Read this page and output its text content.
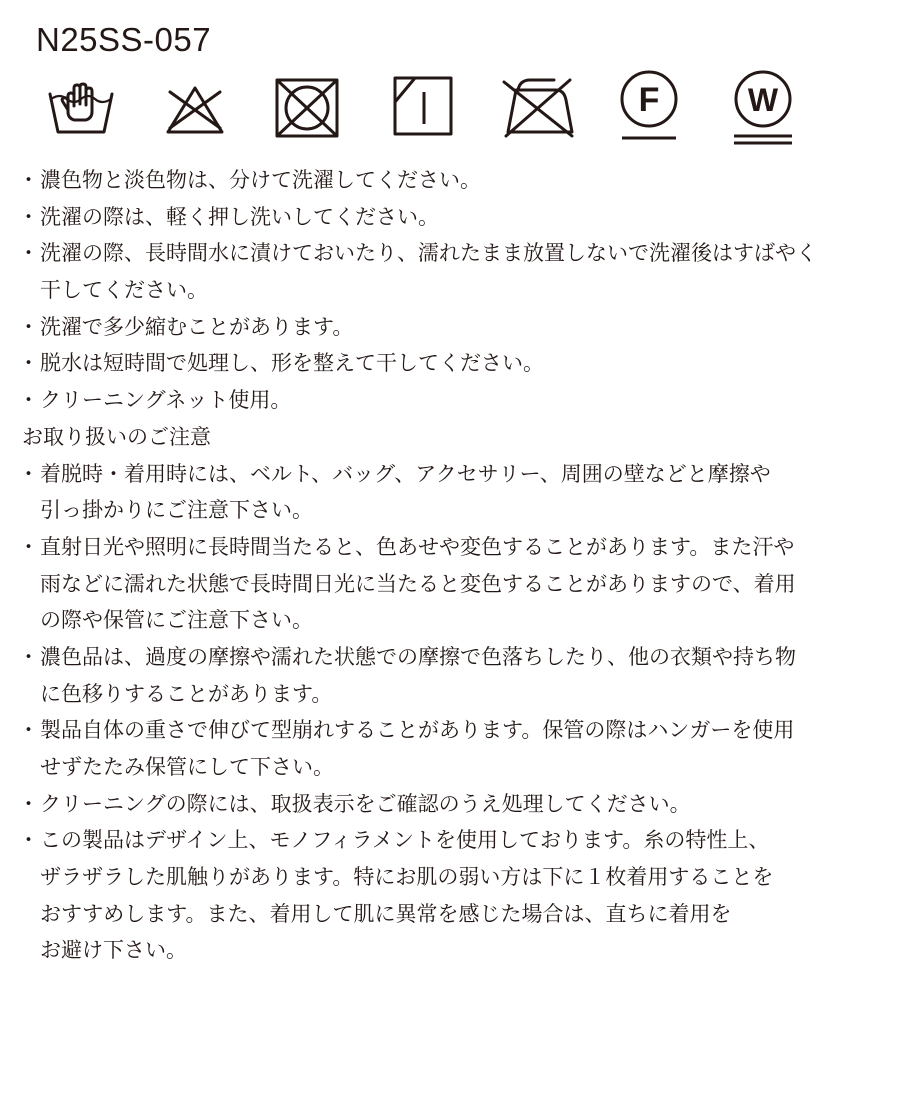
N25SS-057
F	W
・ 濃色物と淡色物は、分けて洗濯してください。
・ 洗濯の際は、軽く押し洗いしてください。
・ 洗濯の際、長時間水に漬けておいたり、濡れたまま放置しないで洗濯後はすばやく
干してください。
・ 洗濯で多少縮むことがあります。
・ 脱水は短時間で処理し、形を整えて干してください。
・ クリーニングネット使用。
お取り扱いのご注意
・ 着脱時・着用時には、ベルト、バッグ、アクセサリー、周囲の壁などと摩擦や
引っ掛かりにご注意下さい。
・ 直射日光や照明に長時間当たると、色あせや変色することがあります。また汗や
雨などに濡れた状態で長時間日光に当たると変色することがありますので、着用
の際や保管にご注意下さい。
・ 濃色品は、過度の摩擦や濡れた状態での摩擦で色落ちしたり、他の衣類や持ち物
に色移りすることがあります。
・ 製品自体の重さで伸びて型崩れすることがあります。保管の際はハンガーを使用
せずたたみ保管にして下さい。
・ クリーニングの際には、取扱表示をご確認のうえ処理してください。
・ この製品はデザイン上、モノフィラメントを使用しております。糸の特性上、
ザラザラした肌触りがあります。特にお肌の弱い方は下に１枚着用することを
おすすめします。また、着用して肌に異常を感じた場合は、直ちに着用を
お避け下さい。
